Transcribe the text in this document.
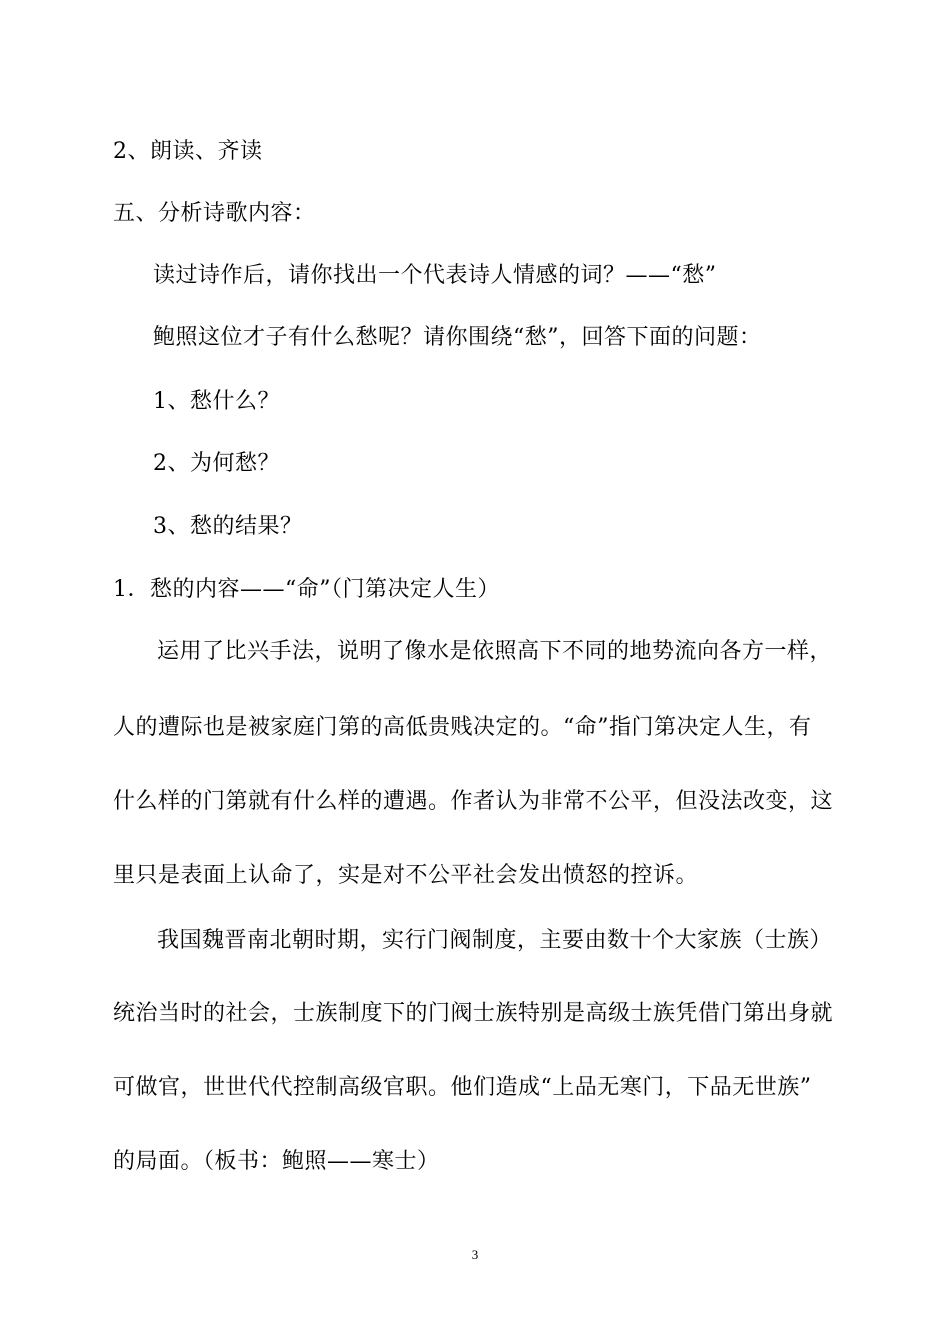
2、朗读、齐读
五、分析诗歌内容：
读过诗作后，请你找出一个代表诗人情感的词？——“愁”
鲍照这位才子有什么愁呢？请你围绕“愁”，回答下面的问题：
1、愁什么？
2、为何愁？
3、愁的结果？
1．愁的内容——“命”（门第决定人生）
运用了比兴手法，说明了像水是依照高下不同的地势流向各方一样，
人的遭际也是被家庭门第的高低贵贱决定的。“命”指门第决定人生，有
什么样的门第就有什么样的遭遇。作者认为非常不公平，但没法改变，这
里只是表面上认命了，实是对不公平社会发出愤怒的控诉。
我国魏晋南北朝时期，实行门阀制度，主要由数十个大家族（士族）
统治当时的社会，士族制度下的门阀士族特别是高级士族凭借门第出身就
可做官，世世代代控制高级官职。他们造成“上品无寒门，下品无世族”
的局面。（板书：鲍照——寒士）
3
